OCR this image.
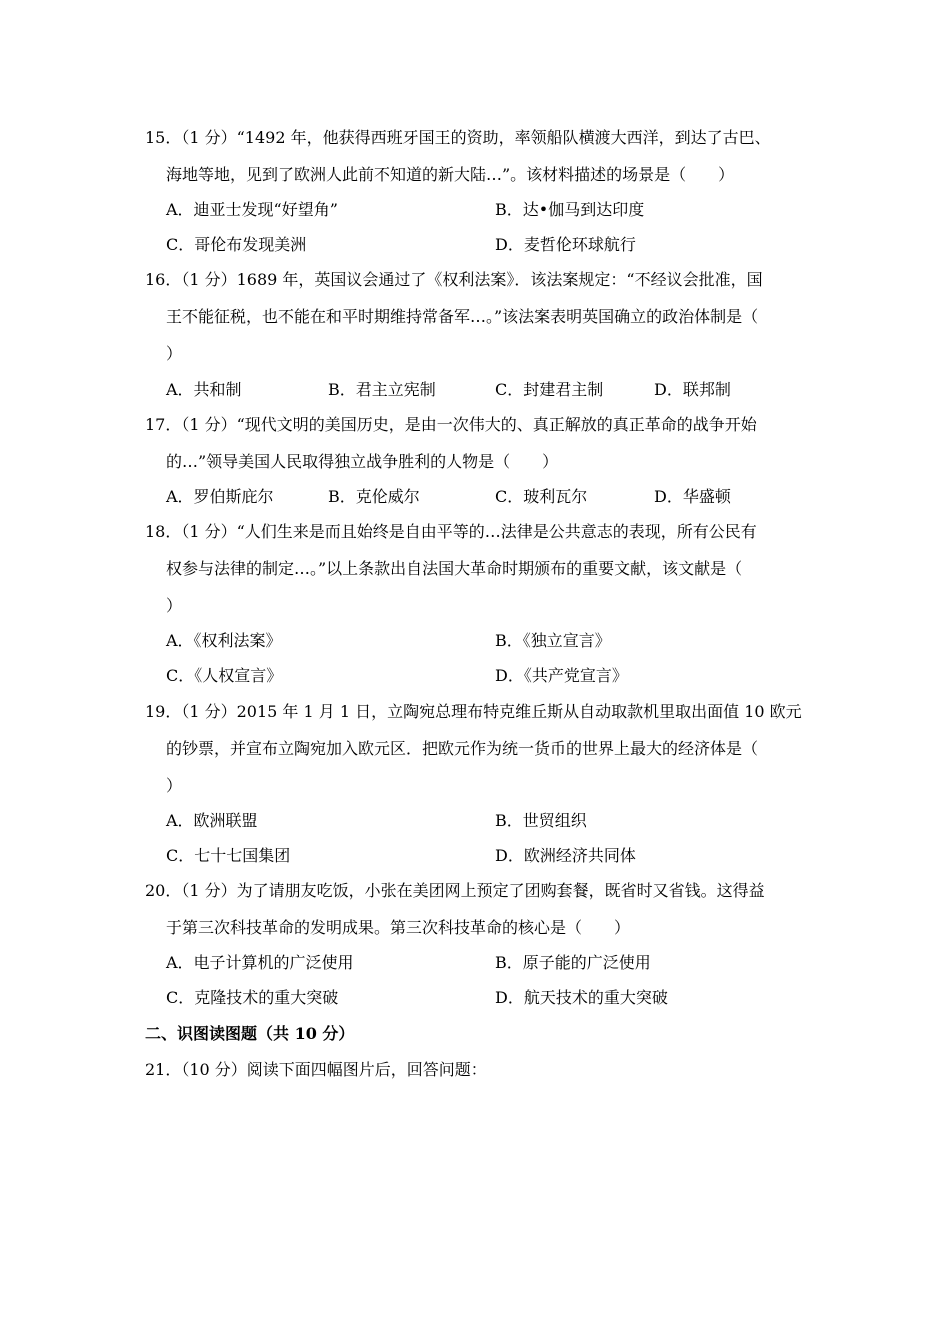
15．（1 分）“1492 年，他获得西班牙国王的资助，率领船队横渡大西洋，到达了古巴、
海地等地，见到了欧洲人此前不知道的新大陆…”。该材料描述的场景是（　　）
A．迪亚士发现“好望角”	B．达•伽马到达印度
C．哥伦布发现美洲	D．麦哲伦环球航行
16．（1 分）1689 年，英国议会通过了《权利法案》．该法案规定：“不经议会批准，国
王不能征税，也不能在和平时期维持常备军…。”该法案表明英国确立的政治体制是（
）
A．共和制	B．君主立宪制	C．封建君主制	D．联邦制
17．（1 分）“现代文明的美国历史，是由一次伟大的、真正解放的真正革命的战争开始
的…”领导美国人民取得独立战争胜利的人物是（　　）
A．罗伯斯庇尔	B．克伦威尔	C．玻利瓦尔	D．华盛顿
18．（1 分）“人们生来是而且始终是自由平等的…法律是公共意志的表现，所有公民有
权参与法律的制定…。”以上条款出自法国大革命时期颁布的重要文献，该文献是（
）
A．《权利法案》	B．《独立宣言》
C．《人权宣言》	D．《共产党宣言》
19．（1 分）2015 年 1 月 1 日，立陶宛总理布特克维丘斯从自动取款机里取出面值 10 欧元
的钞票，并宣布立陶宛加入欧元区．把欧元作为统一货币的世界上最大的经济体是（
）
A．欧洲联盟	B．世贸组织
C．七十七国集团	D．欧洲经济共同体
20．（1 分）为了请朋友吃饭，小张在美团网上预定了团购套餐，既省时又省钱。这得益
于第三次科技革命的发明成果。第三次科技革命的核心是（　　）
A．电子计算机的广泛使用	B．原子能的广泛使用
C．克隆技术的重大突破	D．航天技术的重大突破
二、识图读图题（共 10 分）
21．（10 分）阅读下面四幅图片后，回答问题：
